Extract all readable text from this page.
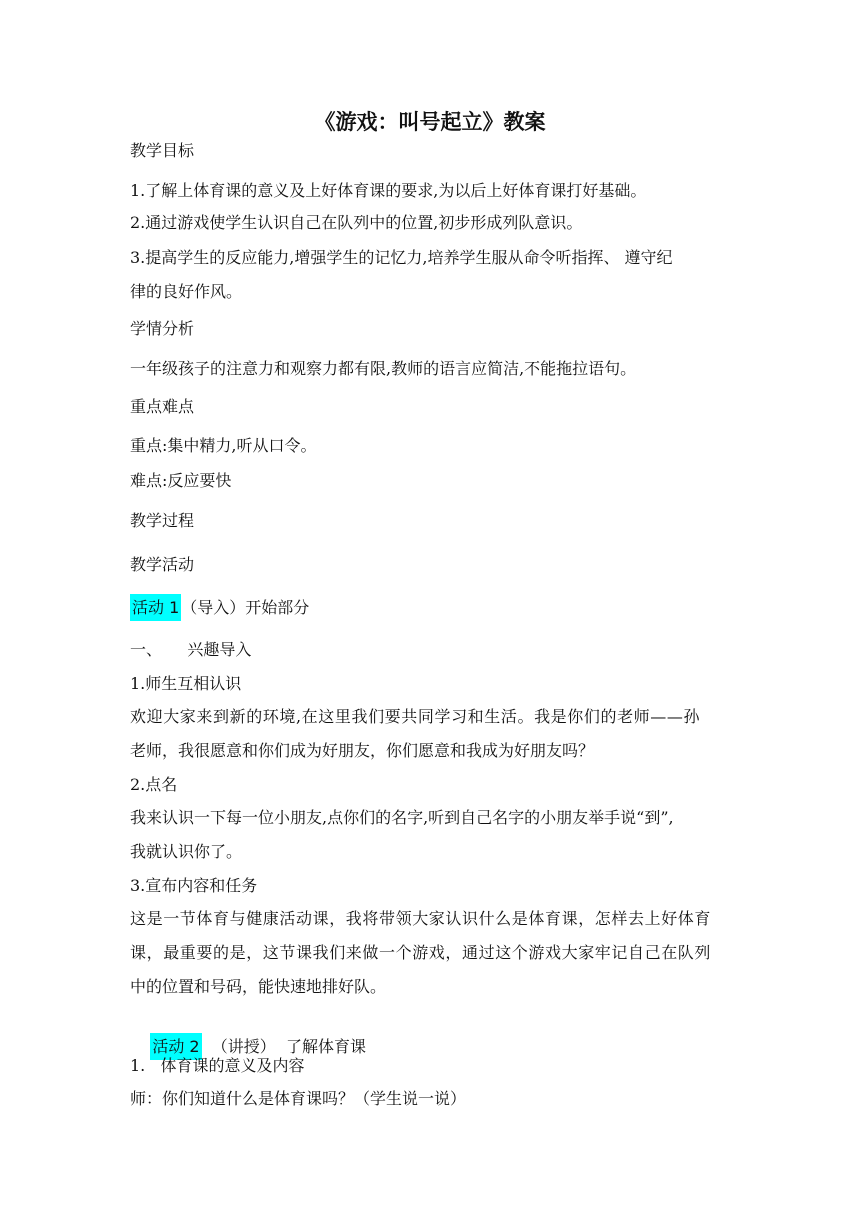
《游戏：叫号起立》教案
教学目标
1.了解上体育课的意义及上好体育课的要求,为以后上好体育课打好基础。
2.通过游戏使学生认识自己在队列中的位置,初步形成列队意识。
3.提高学生的反应能力,增强学生的记忆力,培养学生服从命令听指挥、 遵守纪
律的良好作风。
学情分析
一年级孩子的注意力和观察力都有限,教师的语言应简洁,不能拖拉语句。
重点难点
重点:集中精力,听从口令。
难点:反应要快
教学过程
教学活动
活动 1 （导入）开始部分
一、     兴趣导入
1.师生互相认识
欢迎大家来到新的环境,在这里我们要共同学习和生活。我是你们的老师——孙
老师，我很愿意和你们成为好朋友，你们愿意和我成为好朋友吗？
2.点名
我来认识一下每一位小朋友,点你们的名字,听到自己名字的小朋友举手说“到”,
我就认识你了。
3.宣布内容和任务
这是一节体育与健康活动课，我将带领大家认识什么是体育课，怎样去上好体育
课，最重要的是，这节课我们来做一个游戏，通过这个游戏大家牢记自己在队列
中的位置和号码，能快速地排好队。

活动 2  （讲授）  了解体育课

1.   体育课的意义及内容
师：你们知道什么是体育课吗？（学生说一说）
